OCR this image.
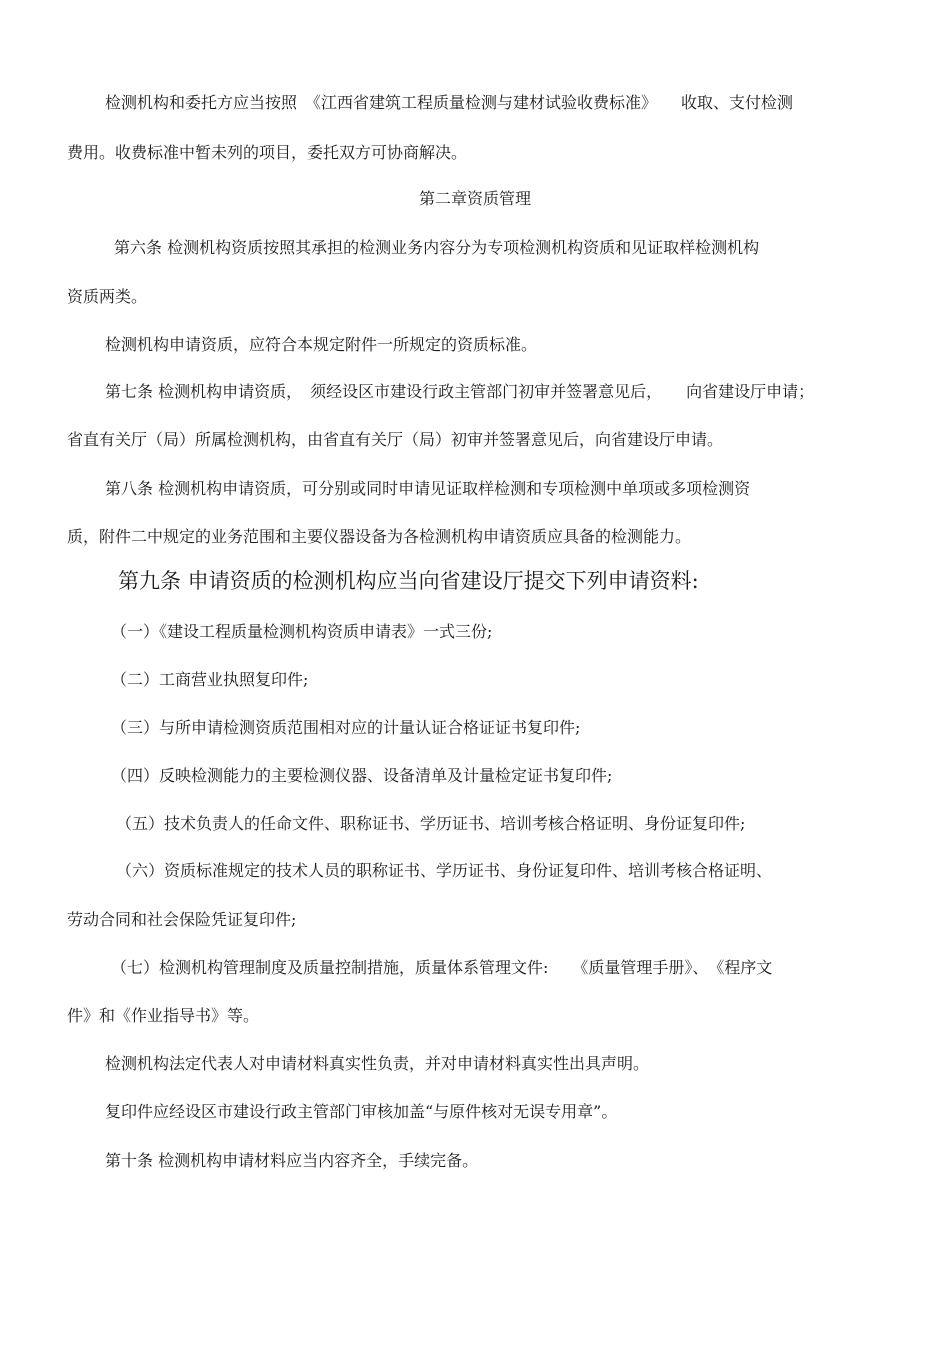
检测机构和委托方应当按照　《江西省建筑工程质量检测与建材试验收费标准》　　收取、支付检测
费用。收费标准中暂未列的项目，委托双方可协商解决。
第二章资质管理
第六条 检测机构资质按照其承担的检测业务内容分为专项检测机构资质和见证取样检测机构
资质两类。
检测机构申请资质，应符合本规定附件一所规定的资质标准。
第七条 检测机构申请资质，　须经设区市建设行政主管部门初审并签署意见后，　　向省建设厅申请；
省直有关厅（局）所属检测机构，由省直有关厅（局）初审并签署意见后，向省建设厅申请。
第八条 检测机构申请资质，可分别或同时申请见证取样检测和专项检测中单项或多项检测资
质，附件二中规定的业务范围和主要仪器设备为各检测机构申请资质应具备的检测能力。
第九条 申请资质的检测机构应当向省建设厅提交下列申请资料:
（一）《建设工程质量检测机构资质申请表》一式三份;
（二）工商营业执照复印件;
（三）与所申请检测资质范围相对应的计量认证合格证证书复印件;
（四）反映检测能力的主要检测仪器、设备清单及计量检定证书复印件;
（五）技术负责人的任命文件、职称证书、学历证书、培训考核合格证明、身份证复印件;
（六）资质标准规定的技术人员的职称证书、学历证书、身份证复印件、培训考核合格证明、
劳动合同和社会保险凭证复印件;
（七）检测机构管理制度及质量控制措施，质量体系管理文件:　　《质量管理手册》、　《程序文
件》和《作业指导书》等。
检测机构法定代表人对申请材料真实性负责，并对申请材料真实性出具声明。
复印件应经设区市建设行政主管部门审核加盖“与原件核对无误专用章”。
第十条 检测机构申请材料应当内容齐全，手续完备。
